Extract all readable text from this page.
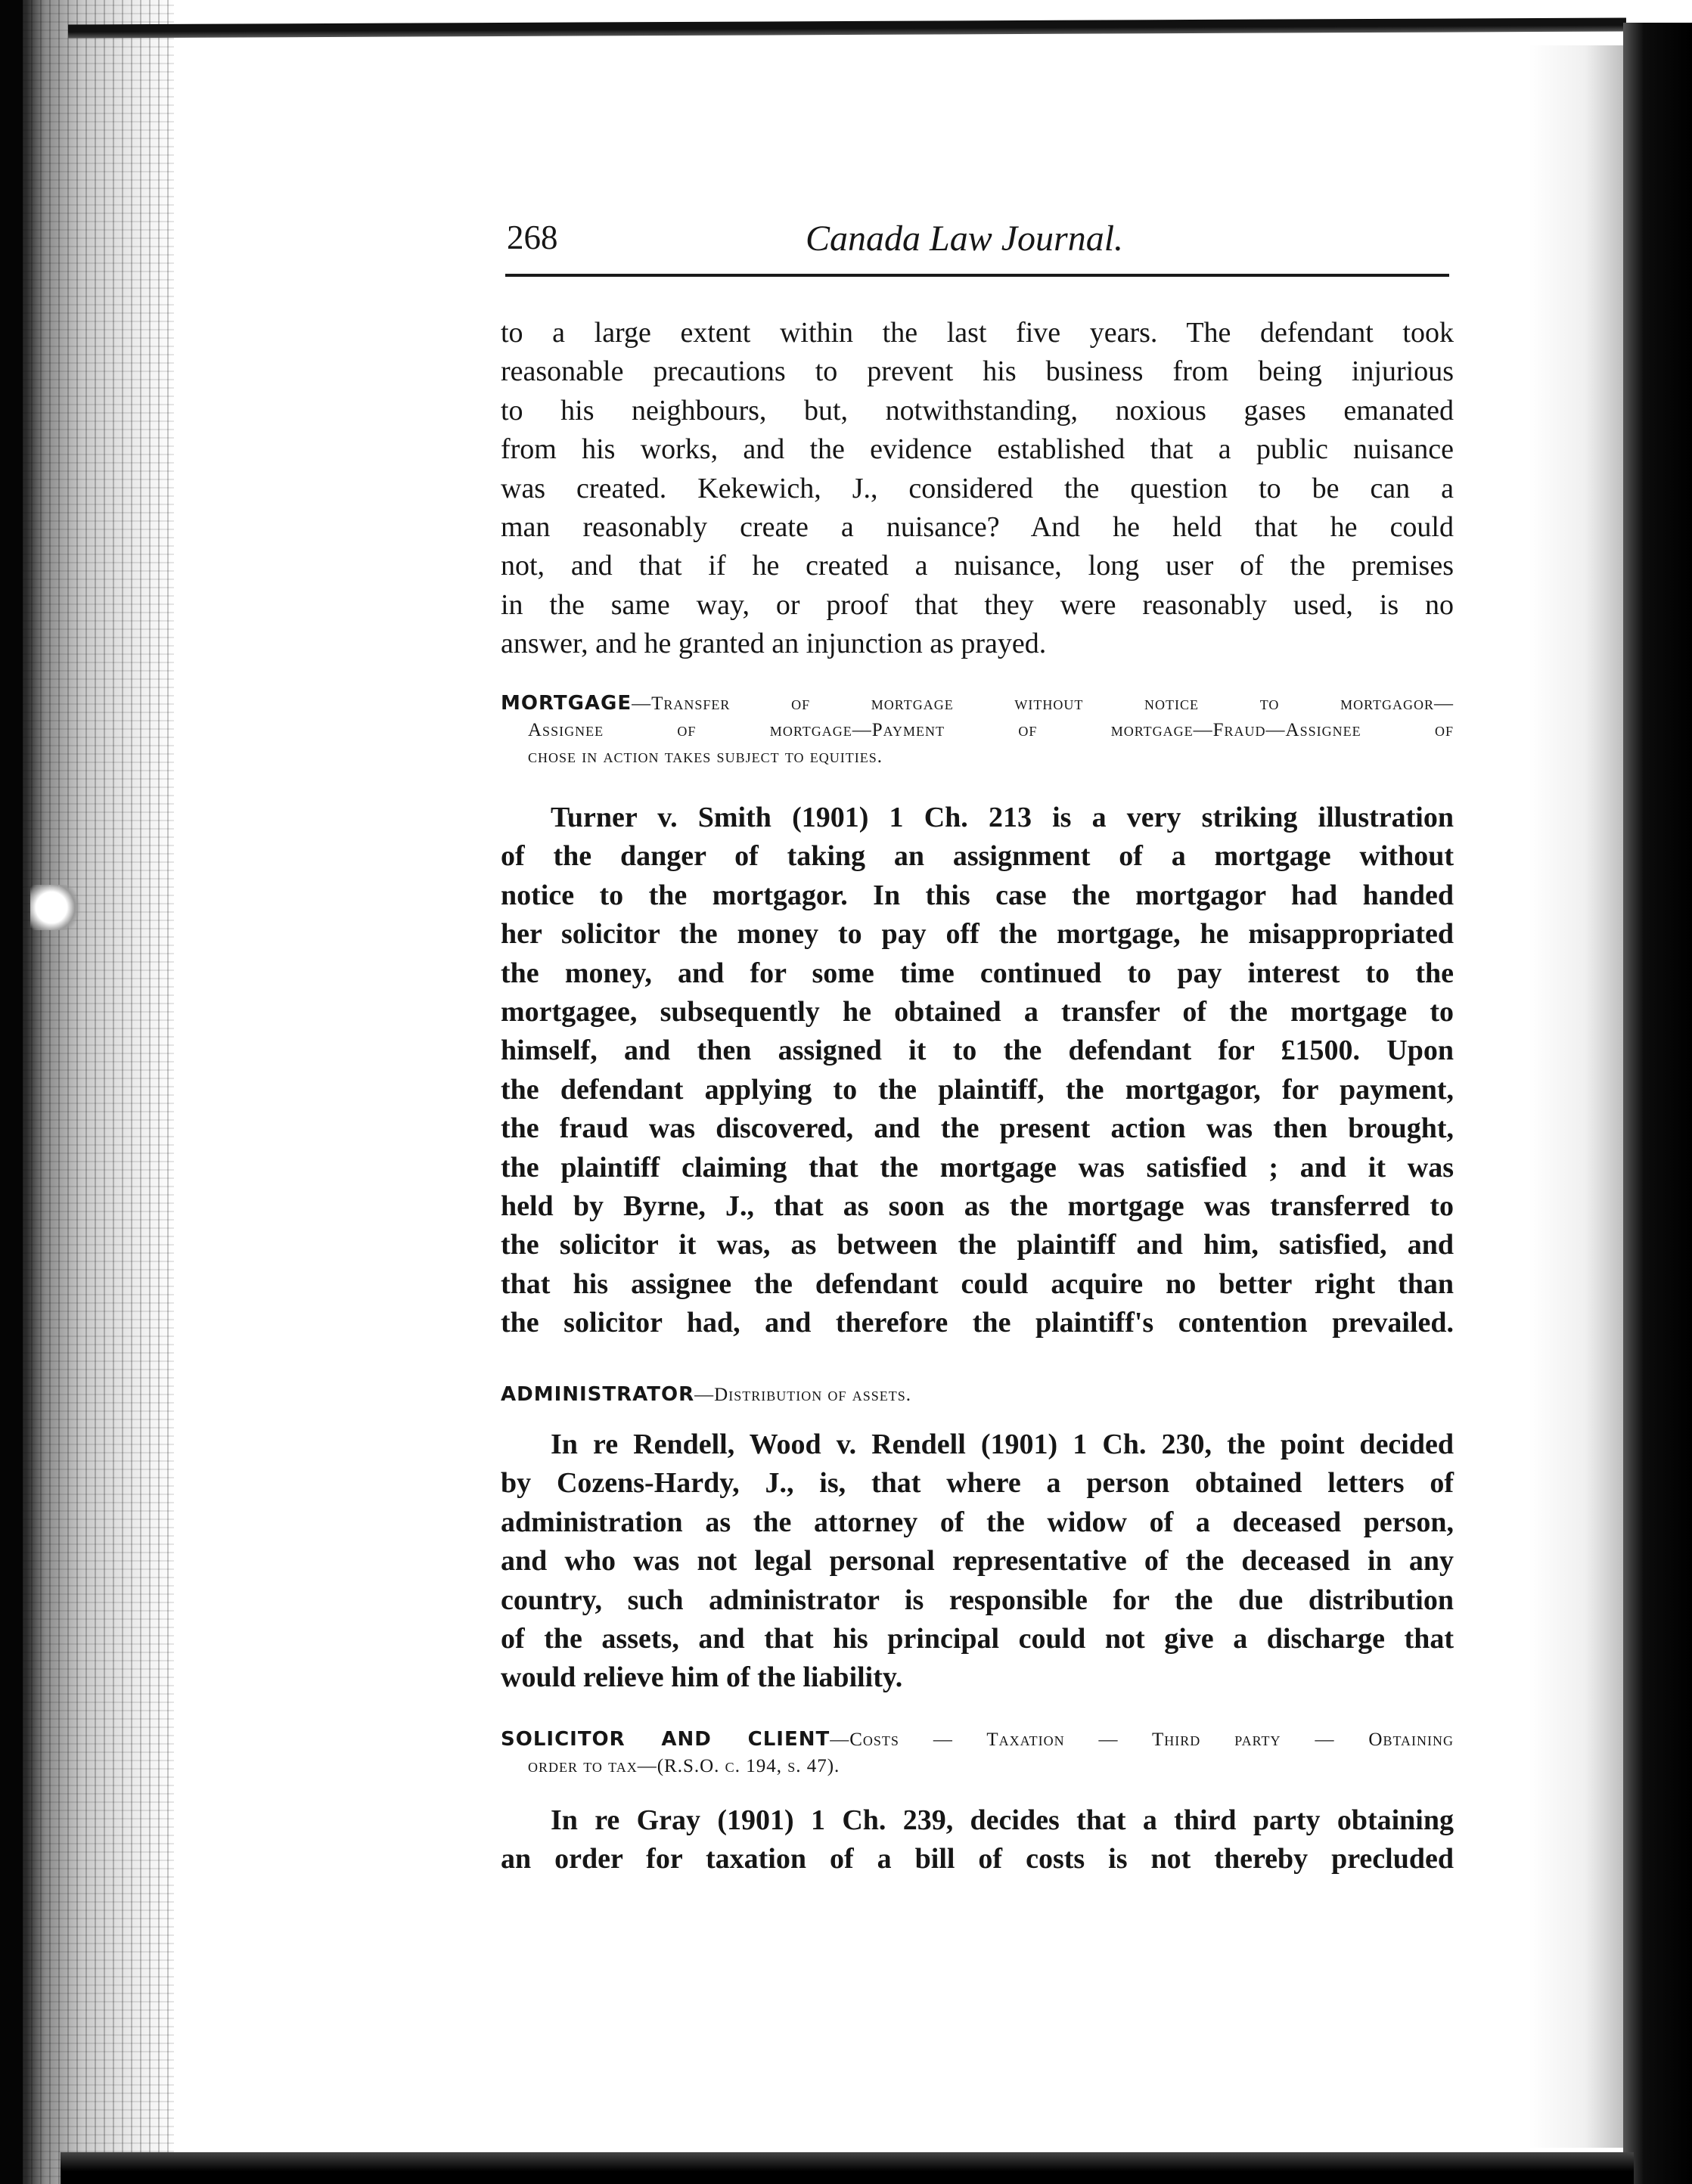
268	Canada Law Journal.
to a large extent within the last five years. The defendant took
reasonable precautions to prevent his business from being injurious
to his neighbours, but, notwithstanding, noxious gases emanated
from his works, and the evidence established that a public nuisance
was created. Kekewich, J., considered the question to be can a
man reasonably create a nuisance? And he held that he could
not, and that if he created a nuisance, long user of the premises
in the same way, or proof that they were reasonably used, is no
answer, and he granted an injunction as prayed.
MORTGAGE—Transfer of mortgage without notice to mortgagor—
Assignee of mortgage—Payment of mortgage—Fraud—Assignee of
chose in action takes subject to equities.
Turner v. Smith (1901) 1 Ch. 213 is a very striking illustration
of the danger of taking an assignment of a mortgage without
notice to the mortgagor. In this case the mortgagor had handed
her solicitor the money to pay off the mortgage, he misappropriated
the money, and for some time continued to pay interest to the
mortgagee, subsequently he obtained a transfer of the mortgage to
himself, and then assigned it to the defendant for £1500. Upon
the defendant applying to the plaintiff, the mortgagor, for payment,
the fraud was discovered, and the present action was then brought,
the plaintiff claiming that the mortgage was satisfied ; and it was
held by Byrne, J., that as soon as the mortgage was transferred to
the solicitor it was, as between the plaintiff and him, satisfied, and
that his assignee the defendant could acquire no better right than
the solicitor had, and therefore the plaintiff's contention prevailed.
ADMINISTRATOR—Distribution of assets.
In re Rendell, Wood v. Rendell (1901) 1 Ch. 230, the point decided
by Cozens-Hardy, J., is, that where a person obtained letters of
administration as the attorney of the widow of a deceased person,
and who was not legal personal representative of the deceased in any
country, such administrator is responsible for the due distribution
of the assets, and that his principal could not give a discharge that
would relieve him of the liability.
SOLICITOR AND CLIENT—Costs — Taxation — Third party — Obtaining
order to tax—(R.S.O. c. 194, s. 47).
In re Gray (1901) 1 Ch. 239, decides that a third party obtaining
an order for taxation of a bill of costs is not thereby precluded
